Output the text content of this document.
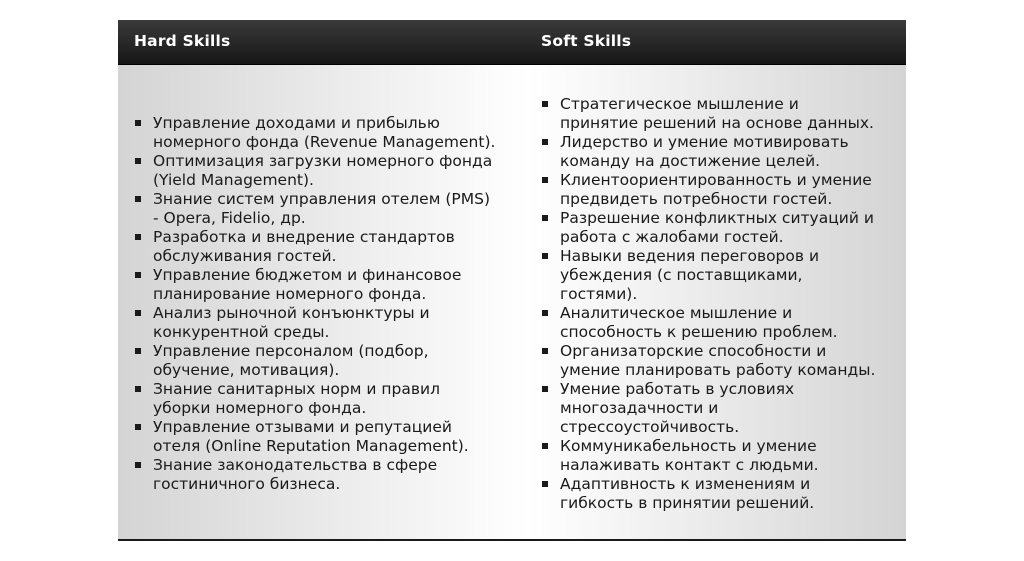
Hard Skills	Soft Skills
Управление доходами и прибылью
номерного фонда (Revenue Management).
Оптимизация загрузки номерного фонда
(Yield Management).
Знание систем управления отелем (PMS)
- Opera, Fidelio, др.
Разработка и внедрение стандартов
обслуживания гостей.
Управление бюджетом и финансовое
планирование номерного фонда.
Анализ рыночной конъюнктуры и
конкурентной среды.
Управление персоналом (подбор,
обучение, мотивация).
Знание санитарных норм и правил
уборки номерного фонда.
Управление отзывами и репутацией
отеля (Online Reputation Management).
Знание законодательства в сфере
гостиничного бизнеса.
Стратегическое мышление и
принятие решений на основе данных.
Лидерство и умение мотивировать
команду на достижение целей.
Клиентоориентированность и умение
предвидеть потребности гостей.
Разрешение конфликтных ситуаций и
работа с жалобами гостей.
Навыки ведения переговоров и
убеждения (с поставщиками,
гостями).
Аналитическое мышление и
способность к решению проблем.
Организаторские способности и
умение планировать работу команды.
Умение работать в условиях
многозадачности и
стрессоустойчивость.
Коммуникабельность и умение
налаживать контакт с людьми.
Адаптивность к изменениям и
гибкость в принятии решений.
